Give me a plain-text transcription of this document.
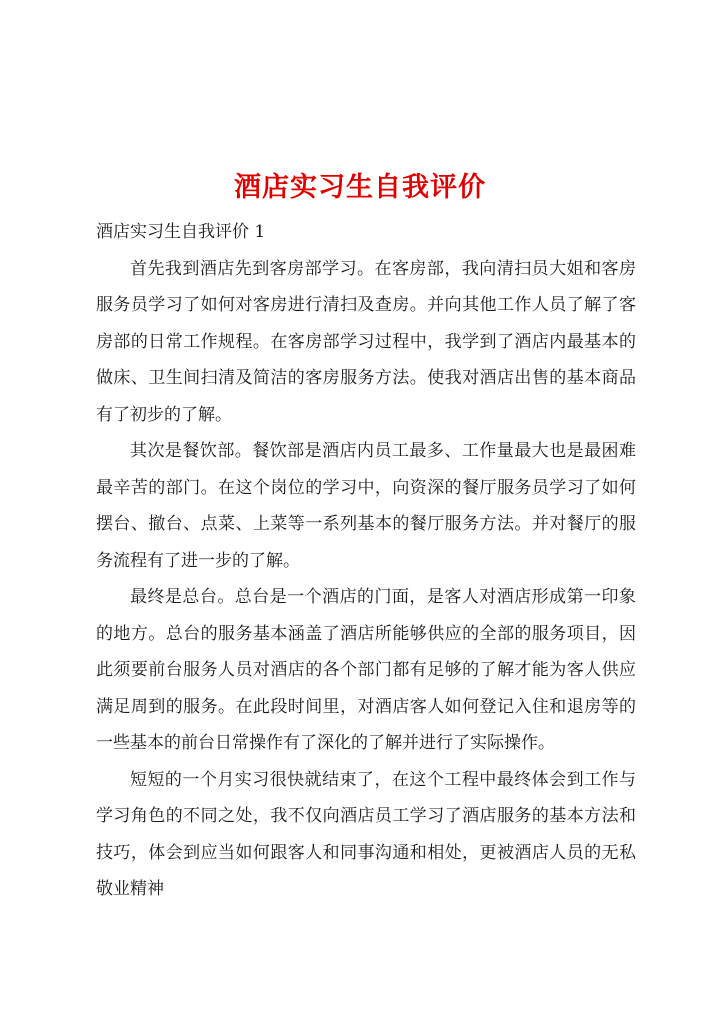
酒店实习生自我评价

酒店实习生自我评价 1

首先我到酒店先到客房部学习。在客房部，我向清扫员大姐和客房服务员学习了如何对客房进行清扫及查房。并向其他工作人员了解了客房部的日常工作规程。在客房部学习过程中，我学到了酒店内最基本的做床、卫生间扫清及简洁的客房服务方法。使我对酒店出售的基本商品有了初步的了解。

其次是餐饮部。餐饮部是酒店内员工最多、工作量最大也是最困难最辛苦的部门。在这个岗位的学习中，向资深的餐厅服务员学习了如何摆台、撤台、点菜、上菜等一系列基本的餐厅服务方法。并对餐厅的服务流程有了进一步的了解。

最终是总台。总台是一个酒店的门面，是客人对酒店形成第一印象的地方。总台的服务基本涵盖了酒店所能够供应的全部的服务项目，因此须要前台服务人员对酒店的各个部门都有足够的了解才能为客人供应满足周到的服务。在此段时间里，对酒店客人如何登记入住和退房等的一些基本的前台日常操作有了深化的了解并进行了实际操作。

短短的一个月实习很快就结束了，在这个工程中最终体会到工作与学习角色的不同之处，我不仅向酒店员工学习了酒店服务的基本方法和技巧，体会到应当如何跟客人和同事沟通和相处，更被酒店人员的无私敬业精神
